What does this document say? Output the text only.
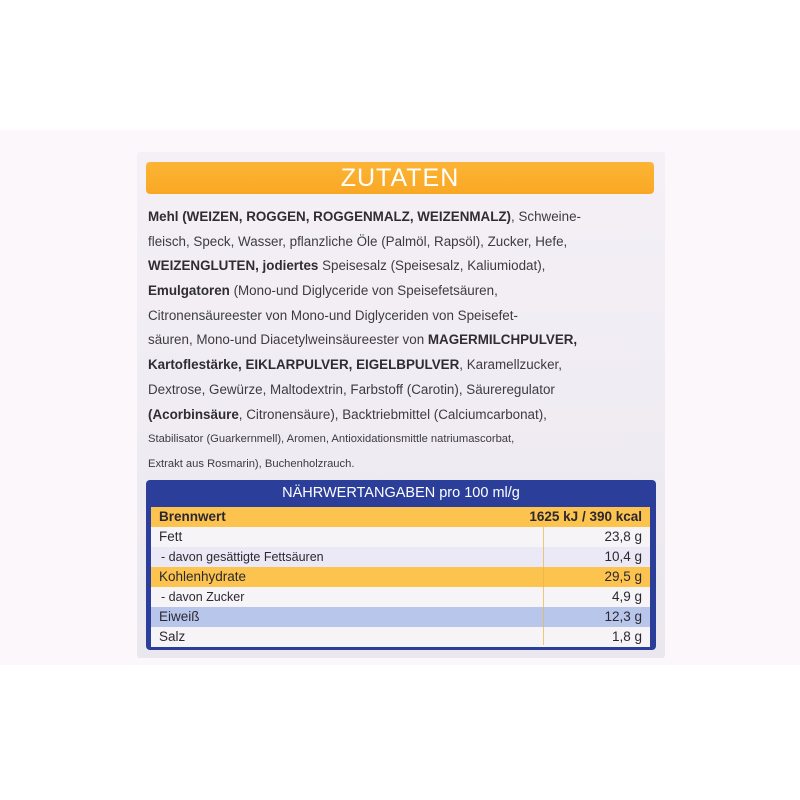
ZUTATEN
Mehl (WEIZEN, ROGGEN, ROGGENMALZ, WEIZENMALZ), Schweine-
fleisch, Speck, Wasser, pflanzliche Öle (Palmöl, Rapsöl), Zucker, Hefe,
WEIZENGLUTEN, jodiertes Speisesalz (Speisesalz, Kaliumiodat),
Emulgatoren (Mono-und Diglyceride von Speisefetsäuren,
Citronensäureester von Mono-und Diglyceriden von Speisefet-
säuren, Mono-und Diacetylweinsäureester von MAGERMILCHPULVER,
Kartoflestärke, EIKLARPULVER, EIGELBPULVER, Karamellzucker,
Dextrose, Gewürze, Maltodextrin, Farbstoff (Carotin), Säureregulator
(Acorbinsäure, Citronensäure), Backtriebmittel (Calciumcarbonat),
Stabilisator (Guarkernmell), Aromen, Antioxidationsmittle natriumascorbat,
Extrakt aus Rosmarin), Buchenholzrauch.
NÄHRWERTANGABEN pro 100 ml/g
Brennwert	1625 kJ / 390 kcal
Fett	23,8 g
- davon gesättigte Fettsäuren	10,4 g
Kohlenhydrate	29,5 g
- davon Zucker	4,9 g
Eiweiß	12,3 g
Salz	1,8 g
